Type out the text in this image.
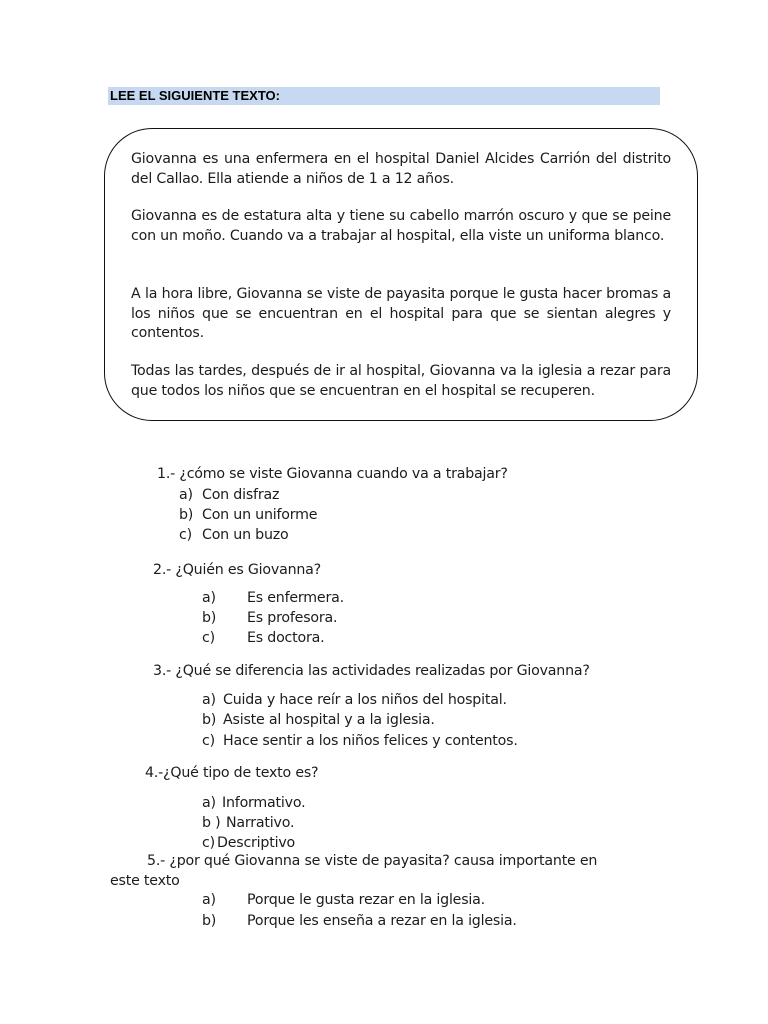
LEE EL SIGUIENTE TEXTO:

Giovanna es una enfermera en el hospital Daniel Alcides Carrión del distrito del Callao. Ella atiende a niños de 1 a 12 años.

Giovanna es de estatura alta y tiene su cabello marrón oscuro y que se peine con un moño. Cuando va a trabajar al hospital, ella viste un uniforma blanco.

A la hora libre, Giovanna se viste de payasita porque le gusta hacer bromas a los niños que se encuentran en el hospital para que se sientan alegres y contentos.

Todas las tardes, después de ir al hospital, Giovanna va la iglesia a rezar para que todos los niños que se encuentran en el hospital se recuperen.

1.- ¿cómo se viste Giovanna cuando va a trabajar?
a) Con disfraz
b) Con un uniforme
c) Con un buzo
2.- ¿Quién es Giovanna?
a) Es enfermera.
b) Es profesora.
c) Es doctora.
3.- ¿Qué se diferencia las actividades realizadas por Giovanna?
a) Cuida y hace reír a los niños del hospital.
b) Asiste al hospital y a la iglesia.
c) Hace sentir a los niños felices y contentos.
4.-¿Qué tipo de texto es?
a) Informativo.
b ) Narrativo.
c) Descriptivo
5.- ¿por qué Giovanna se viste de payasita? causa importante en
este texto
a) Porque le gusta rezar en la iglesia.
b) Porque les enseña a rezar en la iglesia.
